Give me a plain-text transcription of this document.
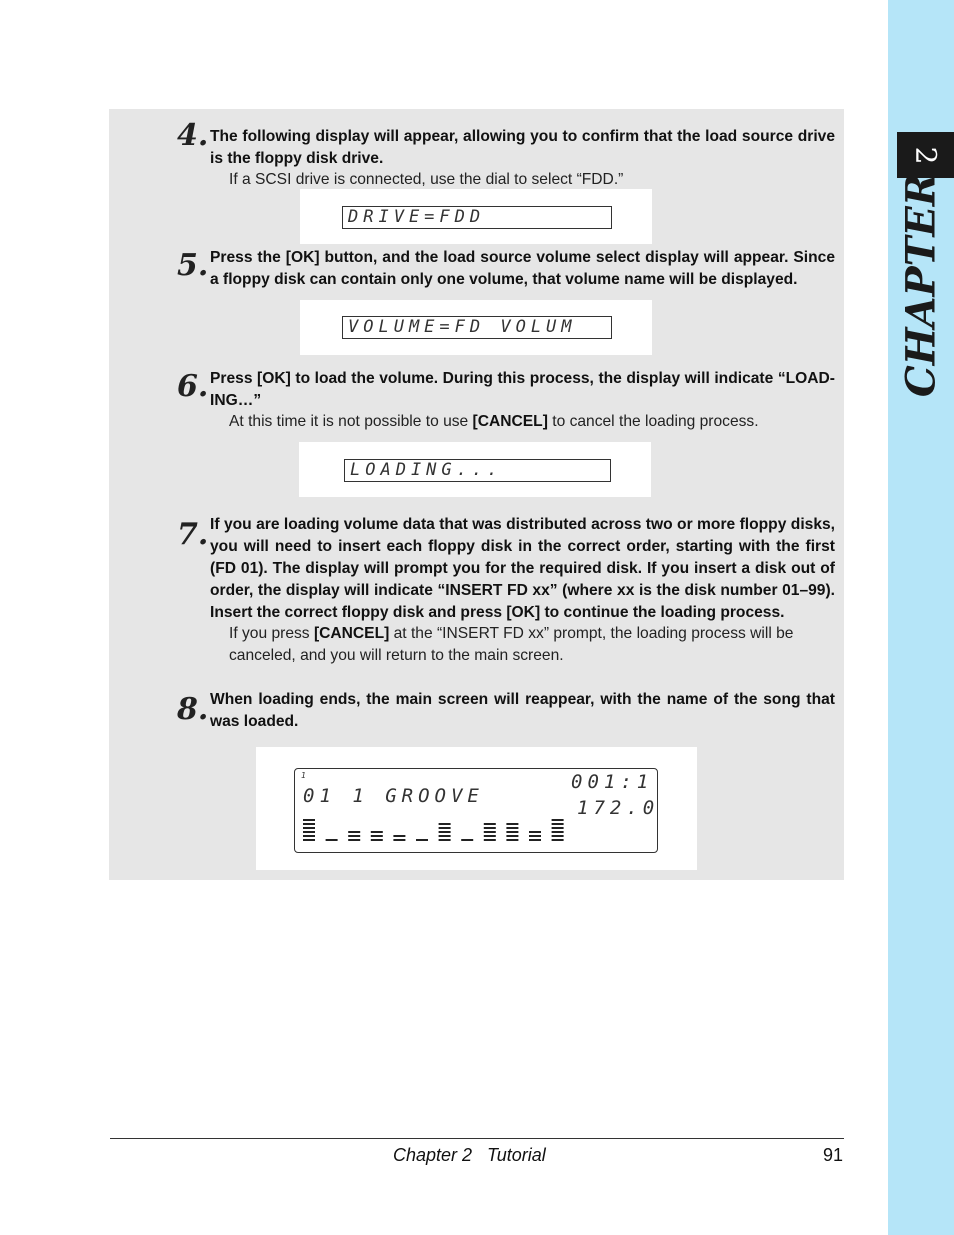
2
CHAPTER
4. The following display will appear, allowing you to confirm that the load source drive is the floppy disk drive.
If a SCSI drive is connected, use the dial to select “FDD.”
DRIVE=FDD
5. Press the [OK] button, and the load source volume select display will appear. Since a floppy disk can contain only one volume, that volume name will be displayed.
VOLUME=FD VOLUM
6. Press [OK] to load the volume. During this process, the display will indicate “LOAD-ING…”
At this time it is not possible to use [CANCEL] to cancel the loading process.
LOADING...
7. If you are loading volume data that was distributed across two or more floppy disks, you will need to insert each floppy disk in the correct order, starting with the first (FD 01). The display will prompt you for the required disk. If you insert a disk out of order, the display will indicate “INSERT FD xx” (where xx is the disk number 01–99). Insert the correct floppy disk and press [OK] to continue the loading process.
If you press [CANCEL] at the “INSERT FD xx” prompt, the loading process will be canceled, and you will return to the main screen.
8. When loading ends, the main screen will reappear, with the name of the song that was loaded.
1
01 1 GROOVE
001:1
172.0
Chapter 2   Tutorial	91
